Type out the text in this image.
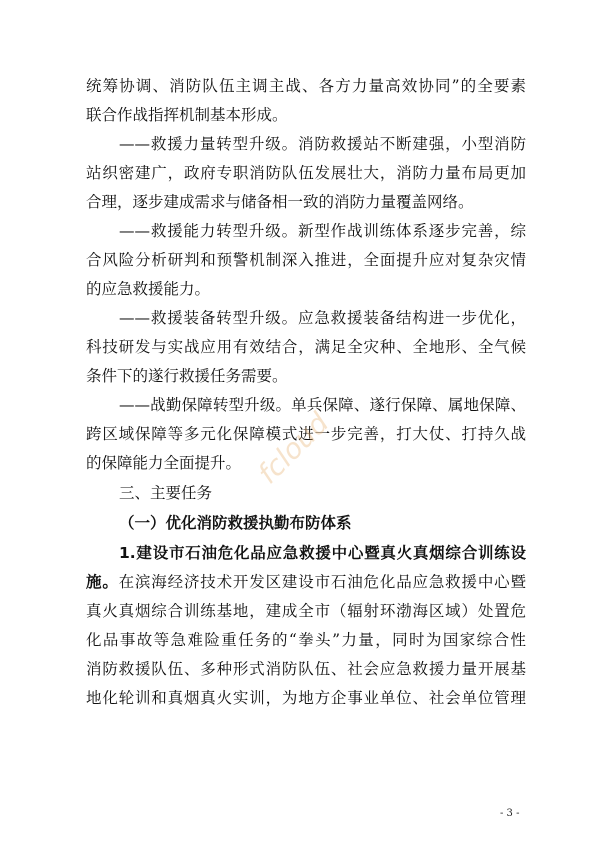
统筹协调、消防队伍主调主战、各方力量高效协同”的全要素
联合作战指挥机制基本形成。
——救援力量转型升级。消防救援站不断建强，小型消防
站织密建广，政府专职消防队伍发展壮大，消防力量布局更加
合理，逐步建成需求与储备相一致的消防力量覆盖网络。
——救援能力转型升级。新型作战训练体系逐步完善，综
合风险分析研判和预警机制深入推进，全面提升应对复杂灾情
的应急救援能力。
——救援装备转型升级。应急救援装备结构进一步优化，
科技研发与实战应用有效结合，满足全灾种、全地形、全气候
条件下的遂行救援任务需要。
——战勤保障转型升级。单兵保障、遂行保障、属地保障、
跨区域保障等多元化保障模式进一步完善，打大仗、打持久战
的保障能力全面提升。
三、主要任务
（一）优化消防救援执勤布防体系
1.建设市石油危化品应急救援中心暨真火真烟综合训练设
施。在滨海经济技术开发区建设市石油危化品应急救援中心暨
真火真烟综合训练基地，建成全市（辐射环渤海区域）处置危
化品事故等急难险重任务的“拳头”力量，同时为国家综合性
消防救援队伍、多种形式消防队伍、社会应急救援力量开展基
地化轮训和真烟真火实训，为地方企事业单位、社会单位管理
fcloud
- 3 -
